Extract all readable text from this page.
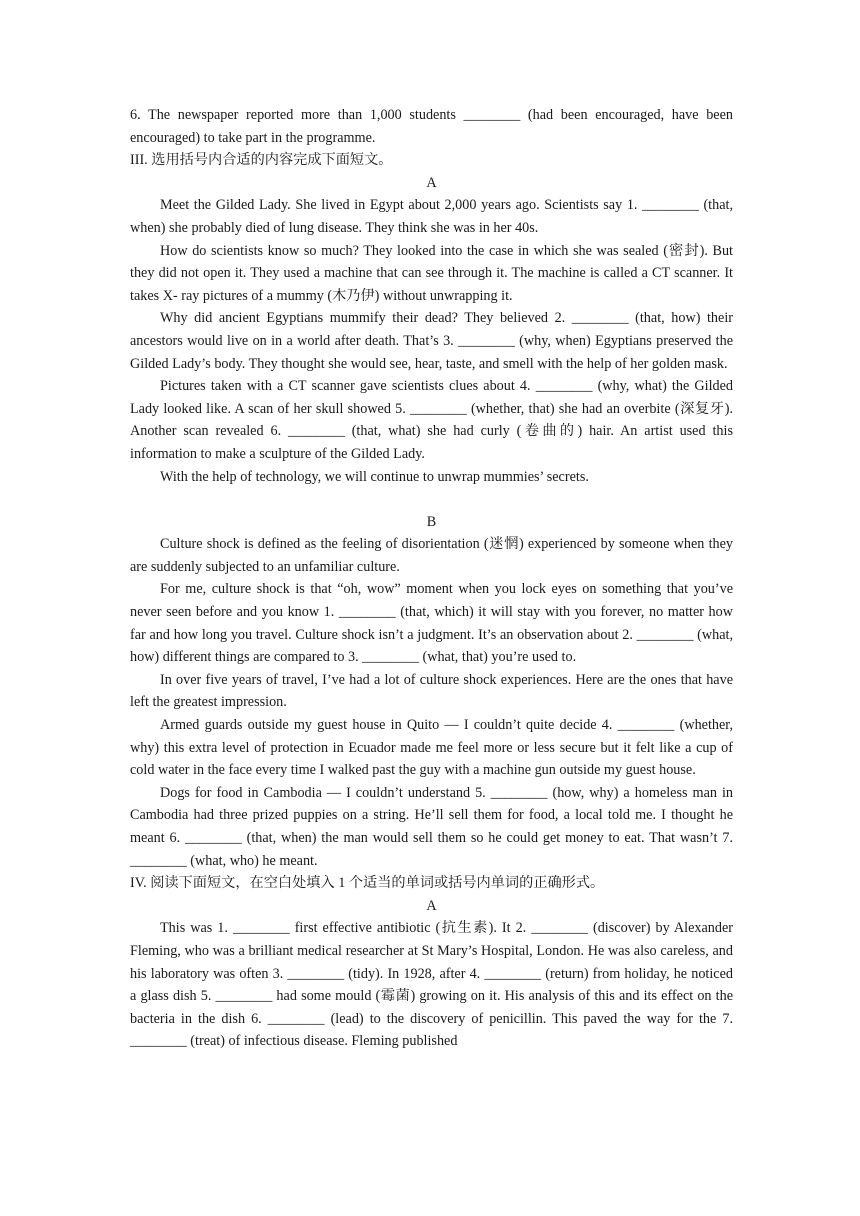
6. The newspaper reported more than 1,000 students ________ (had been encouraged, have been encouraged) to take part in the programme.

III. 选用括号内合适的内容完成下面短文。

A

Meet the Gilded Lady. She lived in Egypt about 2,000 years ago. Scientists say 1. ________ (that, when) she probably died of lung disease. They think she was in her 40s.

How do scientists know so much? They looked into the case in which she was sealed (密封). But they did not open it. They used a machine that can see through it. The machine is called a CT scanner. It takes X- ray pictures of a mummy (木乃伊) without unwrapping it.

Why did ancient Egyptians mummify their dead? They believed 2. ________ (that, how) their ancestors would live on in a world after death. That’s 3. ________ (why, when) Egyptians preserved the Gilded Lady’s body. They thought she would see, hear, taste, and smell with the help of her golden mask.

Pictures taken with a CT scanner gave scientists clues about 4. ________ (why, what) the Gilded Lady looked like. A scan of her skull showed 5. ________ (whether, that) she had an overbite (深复牙). Another scan revealed 6. ________ (that, what) she had curly (卷曲的) hair. An artist used this information to make a sculpture of the Gilded Lady.

With the help of technology, we will continue to unwrap mummies’ secrets.

B

Culture shock is defined as the feeling of disorientation (迷惘) experienced by someone when they are suddenly subjected to an unfamiliar culture.

For me, culture shock is that “oh, wow” moment when you lock eyes on something that you’ve never seen before and you know 1. ________ (that, which) it will stay with you forever, no matter how far and how long you travel. Culture shock isn’t a judgment. It’s an observation about 2. ________ (what, how) different things are compared to 3. ________ (what, that) you’re used to.

In over five years of travel, I’ve had a lot of culture shock experiences. Here are the ones that have left the greatest impression.

Armed guards outside my guest house in Quito — I couldn’t quite decide 4. ________ (whether, why) this extra level of protection in Ecuador made me feel more or less secure but it felt like a cup of cold water in the face every time I walked past the guy with a machine gun outside my guest house.

Dogs for food in Cambodia — I couldn’t understand 5. ________ (how, why) a homeless man in Cambodia had three prized puppies on a string. He’ll sell them for food, a local told me. I thought he meant 6. ________ (that, when) the man would sell them so he could get money to eat. That wasn’t 7. ________ (what, who) he meant.

IV. 阅读下面短文，在空白处填入 1 个适当的单词或括号内单词的正确形式。

A

This was 1. ________ first effective antibiotic (抗生素). It 2. ________ (discover) by Alexander Fleming, who was a brilliant medical researcher at St Mary’s Hospital, London. He was also careless, and his laboratory was often 3. ________ (tidy). In 1928, after 4. ________ (return) from holiday, he noticed a glass dish 5. ________ had some mould (霉菌) growing on it. His analysis of this and its effect on the bacteria in the dish 6. ________ (lead) to the discovery of penicillin. This paved the way for the 7. ________ (treat) of infectious disease. Fleming published
